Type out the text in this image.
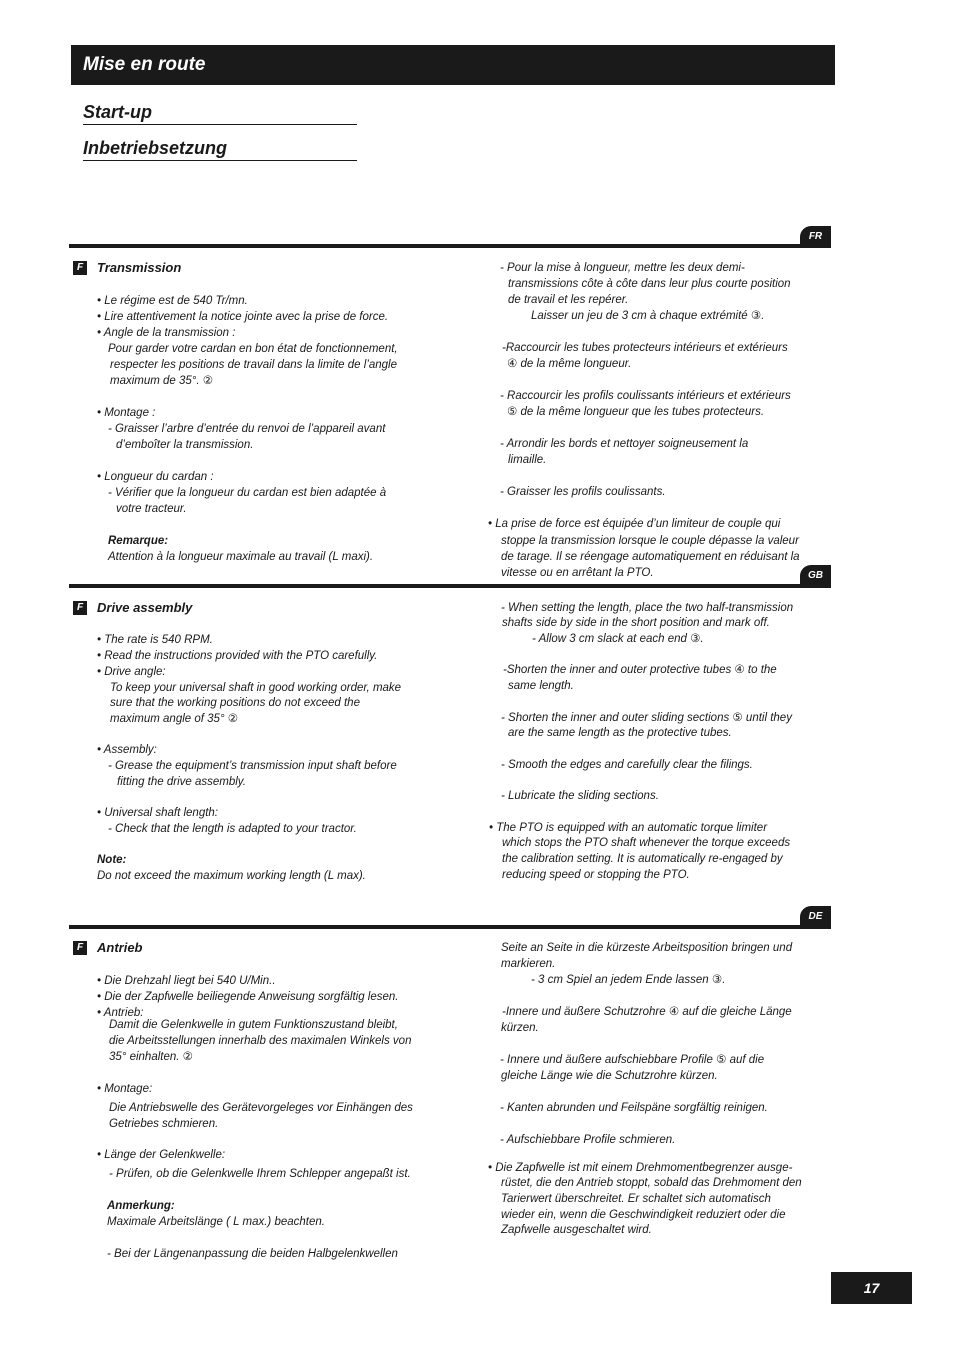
Mise en route
Start-up
Inbetriebsetzung
FR
F	Transmission
• Le régime est de 540 Tr/mn.
• Lire attentivement la notice jointe avec la prise de force.
• Angle de la transmission :
Pour garder votre cardan en bon état de fonctionnement,
respecter les positions de travail dans la limite de l’angle
maximum de 35°. ②
• Montage :
- Graisser l’arbre d’entrée du renvoi de l’appareil avant
d’emboîter la transmission.
• Longueur du cardan :
- Vérifier que la longueur du cardan est bien adaptée à
votre tracteur.
Remarque:
Attention à la longueur maximale au travail (L maxi).
- Pour la mise à longueur, mettre les deux demi-
transmissions côte à côte dans leur plus courte position
de travail et les repérer.
Laisser un jeu de 3 cm à chaque extrémité ③.
-Raccourcir les tubes protecteurs intérieurs et extérieurs
④ de la même longueur.
- Raccourcir les profils coulissants intérieurs et extérieurs
⑤ de la même longueur que les tubes protecteurs.
- Arrondir les bords et nettoyer soigneusement la
limaille.
- Graisser les profils coulissants.
• La prise de force est équipée d’un limiteur de couple qui
stoppe la transmission lorsque le couple dépasse la valeur
de tarage. Il se réengage automatiquement en réduisant la
vitesse ou en arrêtant la PTO.	GB
F	Drive assembly
• The rate is 540 RPM.
• Read the instructions provided with the PTO carefully.
• Drive angle:
To keep your universal shaft in good working order, make
sure that the working positions do not exceed the
maximum angle of 35° ②
• Assembly:
- Grease the equipment’s transmission input shaft before
fitting the drive assembly.
• Universal shaft length:
- Check that the length is adapted to your tractor.
Note:
Do not exceed the maximum working length (L max).
- When setting the length, place the two half-transmission
shafts side by side in the short position and mark off.
- Allow 3 cm slack at each end ③.
-Shorten the inner and outer protective tubes ④ to the
same length.
- Shorten the inner and outer sliding sections ⑤ until they
are the same length as the protective tubes.
- Smooth the edges and carefully clear the filings.
- Lubricate the sliding sections.
• The PTO is equipped with an automatic torque limiter
which stops the PTO shaft whenever the torque exceeds
the calibration setting. It is automatically re-engaged by
reducing speed or stopping the PTO.
DE
F	Antrieb
• Die Drehzahl liegt bei 540 U/Min..
• Die der Zapfwelle beiliegende Anweisung sorgfältig lesen.
• Antrieb:
Damit die Gelenkwelle in gutem Funktionszustand bleibt,
die Arbeitsstellungen innerhalb des maximalen Winkels von
35° einhalten. ②
• Montage:
Die Antriebswelle des Gerätevorgeleges vor Einhängen des
Getriebes schmieren.
• Länge der Gelenkwelle:
- Prüfen, ob die Gelenkwelle Ihrem Schlepper angepaßt ist.
Anmerkung:
Maximale Arbeitslänge ( L max.) beachten.
- Bei der Längenanpassung die beiden Halbgelenkwellen
Seite an Seite in die kürzeste Arbeitsposition bringen und
markieren.
- 3 cm Spiel an jedem Ende lassen ③.
-Innere und äußere Schutzrohre ④ auf die gleiche Länge
kürzen.
- Innere und äußere aufschiebbare Profile ⑤ auf die
gleiche Länge wie die Schutzrohre kürzen.
- Kanten abrunden und Feilspäne sorgfältig reinigen.
- Aufschiebbare Profile schmieren.
• Die Zapfwelle ist mit einem Drehmomentbegrenzer ausge-
rüstet, die den Antrieb stoppt, sobald das Drehmoment den
Tarierwert überschreitet. Er schaltet sich automatisch
wieder ein, wenn die Geschwindigkeit reduziert oder die
Zapfwelle ausgeschaltet wird.
17
